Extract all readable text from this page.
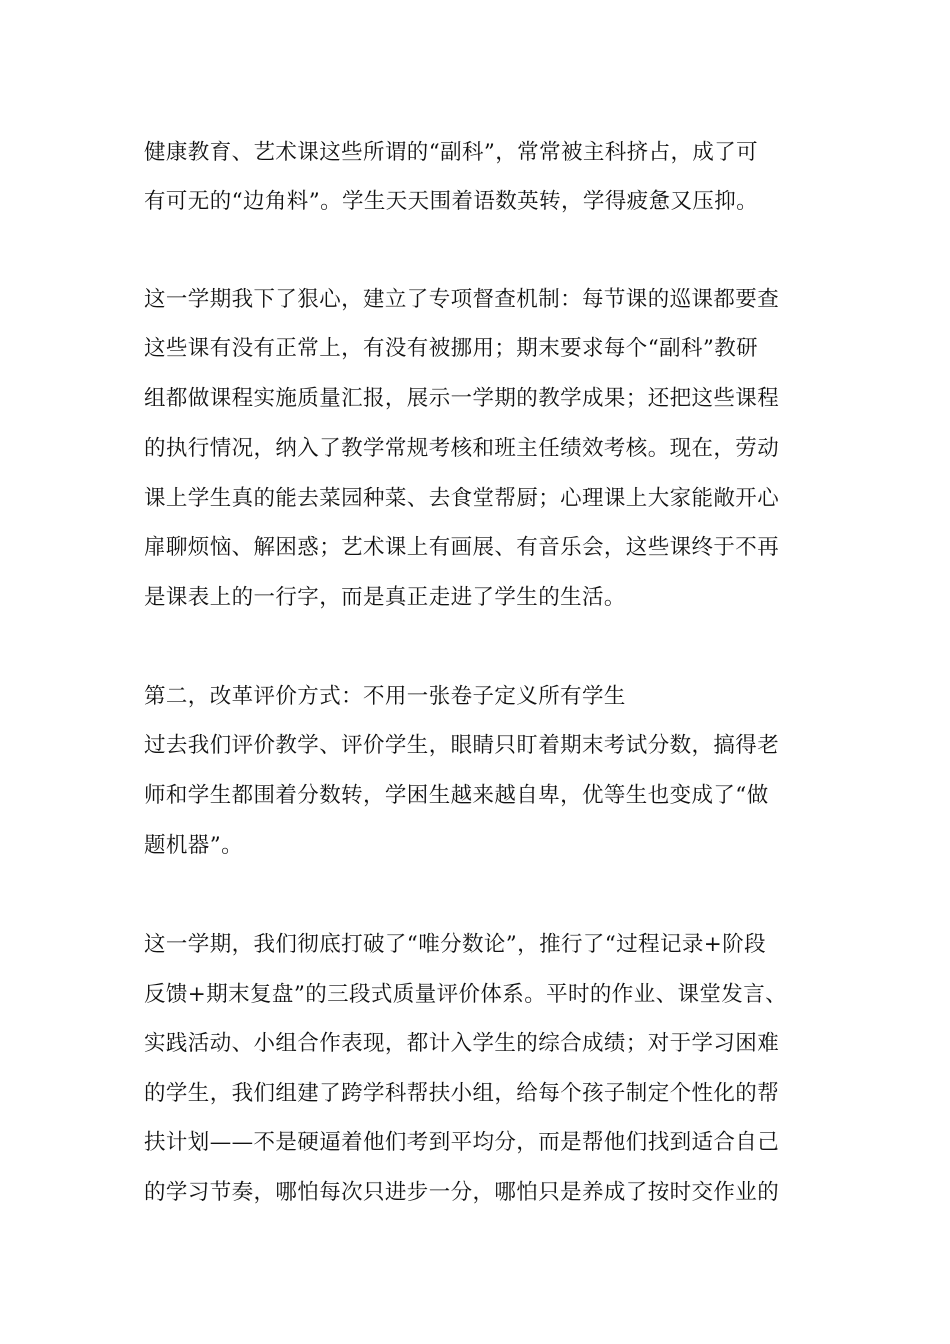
健康教育、艺术课这些所谓的“副科”，常常被主科挤占，成了可
有可无的“边角料”。学生天天围着语数英转，学得疲惫又压抑。
这一学期我下了狠心，建立了专项督查机制：每节课的巡课都要查
这些课有没有正常上，有没有被挪用；期末要求每个“副科”教研
组都做课程实施质量汇报，展示一学期的教学成果；还把这些课程
的执行情况，纳入了教学常规考核和班主任绩效考核。现在，劳动
课上学生真的能去菜园种菜、去食堂帮厨；心理课上大家能敞开心
扉聊烦恼、解困惑；艺术课上有画展、有音乐会，这些课终于不再
是课表上的一行字，而是真正走进了学生的生活。
第二，改革评价方式：不用一张卷子定义所有学生
过去我们评价教学、评价学生，眼睛只盯着期末考试分数，搞得老
师和学生都围着分数转，学困生越来越自卑，优等生也变成了“做
题机器”。
这一学期，我们彻底打破了“唯分数论”，推行了“过程记录+阶段
反馈+期末复盘”的三段式质量评价体系。平时的作业、课堂发言、
实践活动、小组合作表现，都计入学生的综合成绩；对于学习困难
的学生，我们组建了跨学科帮扶小组，给每个孩子制定个性化的帮
扶计划——不是硬逼着他们考到平均分，而是帮他们找到适合自己
的学习节奏，哪怕每次只进步一分，哪怕只是养成了按时交作业的
